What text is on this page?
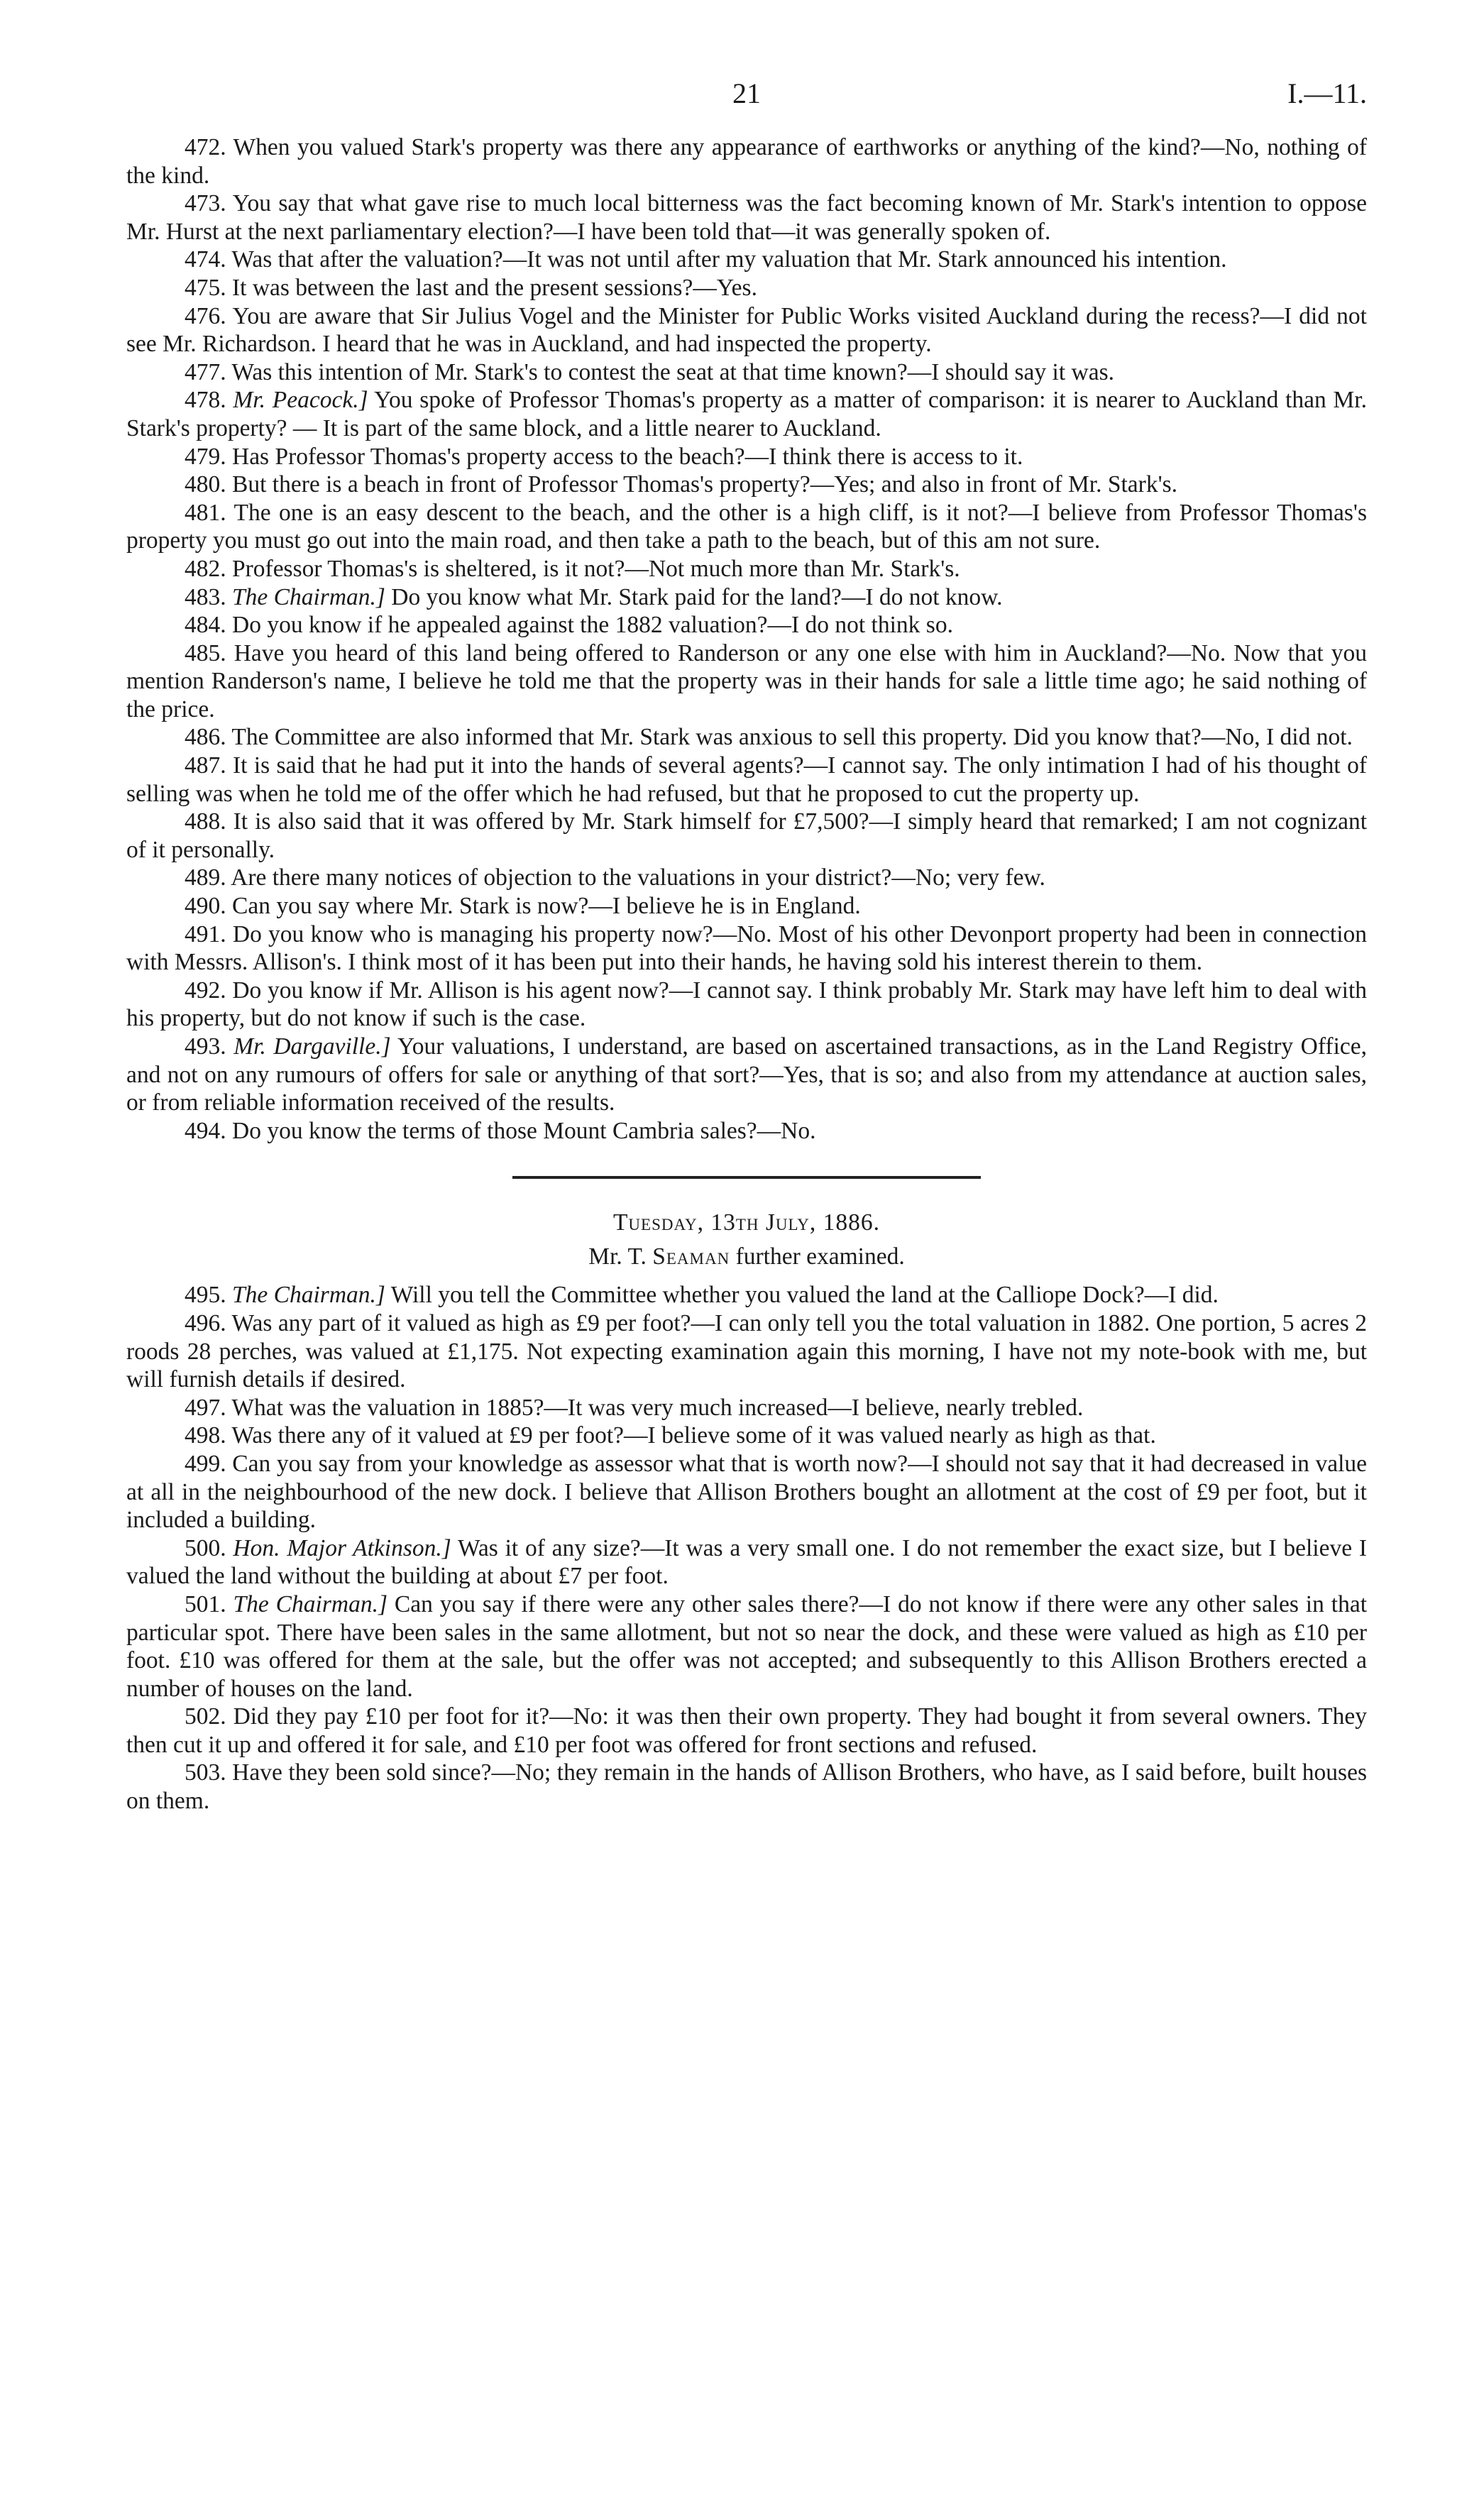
21	I.—11.

472. When you valued Stark's property was there any appearance of earthworks or anything of the kind?—No, nothing of the kind.

473. You say that what gave rise to much local bitterness was the fact becoming known of Mr. Stark's intention to oppose Mr. Hurst at the next parliamentary election?—I have been told that—it was generally spoken of.

474. Was that after the valuation?—It was not until after my valuation that Mr. Stark announced his intention.

475. It was between the last and the present sessions?—Yes.

476. You are aware that Sir Julius Vogel and the Minister for Public Works visited Auckland during the recess?—I did not see Mr. Richardson. I heard that he was in Auckland, and had inspected the property.

477. Was this intention of Mr. Stark's to contest the seat at that time known?—I should say it was.

478. Mr. Peacock.] You spoke of Professor Thomas's property as a matter of comparison: it is nearer to Auckland than Mr. Stark's property? — It is part of the same block, and a little nearer to Auckland.

479. Has Professor Thomas's property access to the beach?—I think there is access to it.

480. But there is a beach in front of Professor Thomas's property?—Yes; and also in front of Mr. Stark's.

481. The one is an easy descent to the beach, and the other is a high cliff, is it not?—I believe from Professor Thomas's property you must go out into the main road, and then take a path to the beach, but of this am not sure.

482. Professor Thomas's is sheltered, is it not?—Not much more than Mr. Stark's.

483. The Chairman.] Do you know what Mr. Stark paid for the land?—I do not know.

484. Do you know if he appealed against the 1882 valuation?—I do not think so.

485. Have you heard of this land being offered to Randerson or any one else with him in Auckland?—No. Now that you mention Randerson's name, I believe he told me that the property was in their hands for sale a little time ago; he said nothing of the price.

486. The Committee are also informed that Mr. Stark was anxious to sell this property. Did you know that?—No, I did not.

487. It is said that he had put it into the hands of several agents?—I cannot say. The only intimation I had of his thought of selling was when he told me of the offer which he had refused, but that he proposed to cut the property up.

488. It is also said that it was offered by Mr. Stark himself for £7,500?—I simply heard that remarked; I am not cognizant of it personally.

489. Are there many notices of objection to the valuations in your district?—No; very few.

490. Can you say where Mr. Stark is now?—I believe he is in England.

491. Do you know who is managing his property now?—No. Most of his other Devonport property had been in connection with Messrs. Allison's. I think most of it has been put into their hands, he having sold his interest therein to them.

492. Do you know if Mr. Allison is his agent now?—I cannot say. I think probably Mr. Stark may have left him to deal with his property, but do not know if such is the case.

493. Mr. Dargaville.] Your valuations, I understand, are based on ascertained transactions, as in the Land Registry Office, and not on any rumours of offers for sale or anything of that sort?—Yes, that is so; and also from my attendance at auction sales, or from reliable information received of the results.

494. Do you know the terms of those Mount Cambria sales?—No.

Tuesday, 13th July, 1886.
Mr. T. Seaman further examined.

495. The Chairman.] Will you tell the Committee whether you valued the land at the Calliope Dock?—I did.

496. Was any part of it valued as high as £9 per foot?—I can only tell you the total valuation in 1882. One portion, 5 acres 2 roods 28 perches, was valued at £1,175. Not expecting examination again this morning, I have not my note-book with me, but will furnish details if desired.

497. What was the valuation in 1885?—It was very much increased—I believe, nearly trebled.

498. Was there any of it valued at £9 per foot?—I believe some of it was valued nearly as high as that.

499. Can you say from your knowledge as assessor what that is worth now?—I should not say that it had decreased in value at all in the neighbourhood of the new dock. I believe that Allison Brothers bought an allotment at the cost of £9 per foot, but it included a building.

500. Hon. Major Atkinson.] Was it of any size?—It was a very small one. I do not remember the exact size, but I believe I valued the land without the building at about £7 per foot.

501. The Chairman.] Can you say if there were any other sales there?—I do not know if there were any other sales in that particular spot. There have been sales in the same allotment, but not so near the dock, and these were valued as high as £10 per foot. £10 was offered for them at the sale, but the offer was not accepted; and subsequently to this Allison Brothers erected a number of houses on the land.

502. Did they pay £10 per foot for it?—No: it was then their own property. They had bought it from several owners. They then cut it up and offered it for sale, and £10 per foot was offered for front sections and refused.

503. Have they been sold since?—No; they remain in the hands of Allison Brothers, who have, as I said before, built houses on them.
